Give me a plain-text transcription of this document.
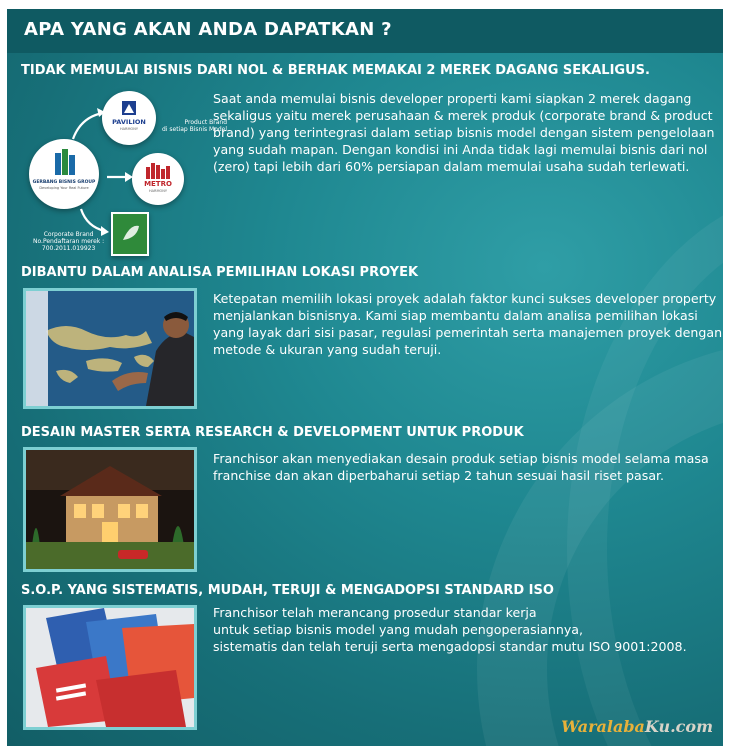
APA YANG AKAN ANDA DAPATKAN ?
TIDAK MEMULAI BISNIS DARI NOL & BERHAK MEMAKAI 2 MEREK DAGANG SEKALIGUS.
GERBANG BISNIS GROUP
Developing Your Real Future
PAVILION
HARMONY
METRO
HARMONY
Product Brand
di setiap Bisnis Model
Corporate Brand
No.Pendaftaran merek :
700.2011.019923
Saat anda memulai bisnis developer properti kami siapkan 2 merek dagang
sekaligus yaitu merek perusahaan & merek produk (corporate brand & product
brand) yang terintegrasi dalam setiap bisnis model dengan sistem pengelolaan
yang sudah mapan. Dengan kondisi ini Anda tidak lagi memulai bisnis dari nol
(zero) tapi lebih dari 60% persiapan dalam memulai usaha sudah terlewati.
DIBANTU DALAM ANALISA PEMILIHAN LOKASI PROYEK
Ketepatan memilih lokasi proyek adalah faktor kunci sukses developer property
menjalankan bisnisnya. Kami siap membantu dalam analisa pemilihan lokasi
yang layak dari sisi pasar, regulasi pemerintah serta manajemen proyek dengan
metode & ukuran yang sudah teruji.
DESAIN MASTER SERTA RESEARCH & DEVELOPMENT UNTUK PRODUK
Franchisor akan menyediakan desain produk setiap bisnis model selama masa
franchise dan akan diperbaharui setiap 2 tahun sesuai hasil riset pasar.
S.O.P. YANG SISTEMATIS, MUDAH, TERUJI & MENGADOPSI STANDARD ISO
Franchisor telah merancang prosedur standar kerja
untuk setiap bisnis model yang mudah pengoperasiannya,
sistematis dan telah teruji serta mengadopsi standar mutu ISO 9001:2008.
WaralabaKu.com
